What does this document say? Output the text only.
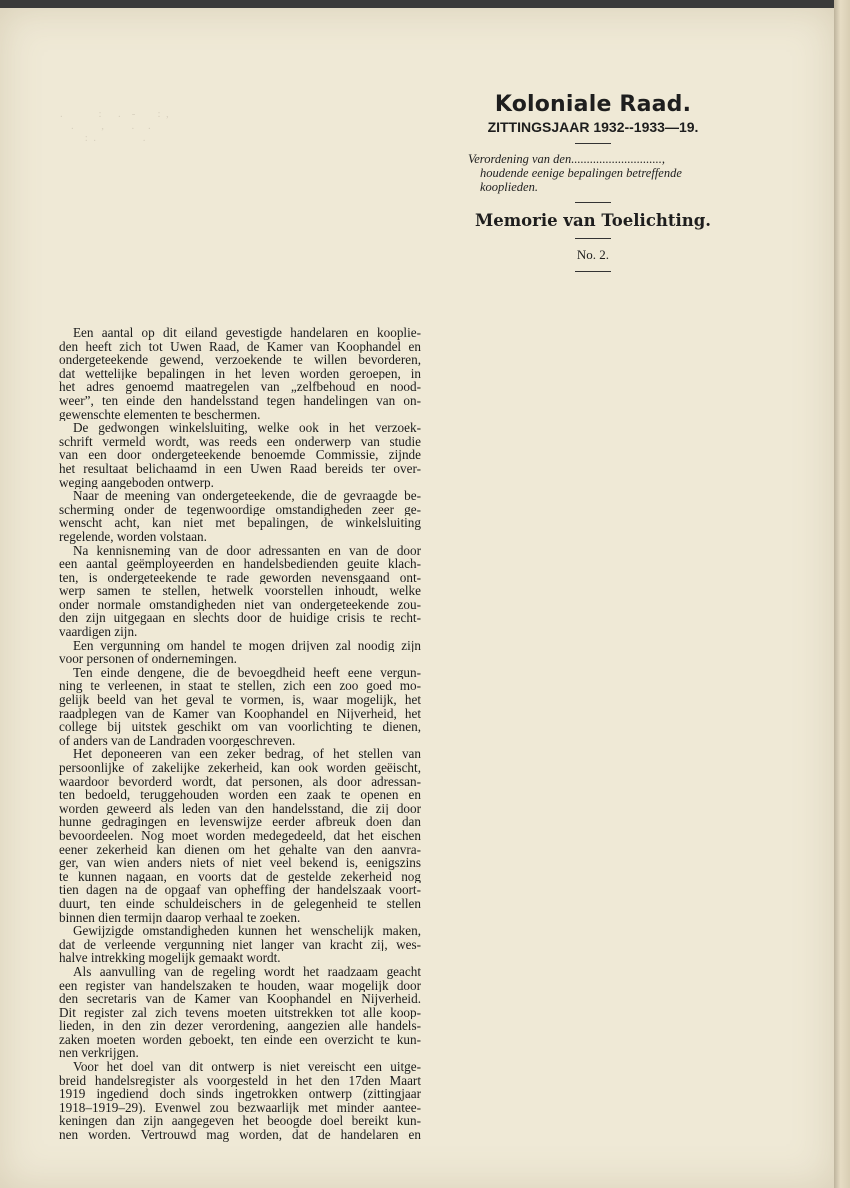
.             :      .    -        :  ,
.          ,          .     .
:  .                 .

Koloniale Raad.
ZITTINGSJAAR 1932--1933—19.
Verordening van den.............................,
houdende eenige bepalingen betreffende
kooplieden.
Memorie van Toelichting.
No. 2.
Een aantal op dit eiland gevestigde handelaren en kooplie-
den heeft zich tot Uwen Raad, de Kamer van Koophandel en
ondergeteekende gewend, verzoekende te willen bevorderen,
dat wettelijke bepalingen in het leven worden geroepen, in
het adres genoemd maatregelen van „zelfbehoud en nood-
weer”, ten einde den handelsstand tegen handelingen van on-
gewenschte elementen te beschermen.
De gedwongen winkelsluiting, welke ook in het verzoek-
schrift vermeld wordt, was reeds een onderwerp van studie
van een door ondergeteekende benoemde Commissie, zijnde
het resultaat belichaamd in een Uwen Raad bereids ter over-
weging aangeboden ontwerp.
Naar de meening van ondergeteekende, die de gevraagde be-
scherming onder de tegenwoordige omstandigheden zeer ge-
wenscht acht, kan niet met bepalingen, de winkelsluiting
regelende, worden volstaan.
Na kennisneming van de door adressanten en van de door
een aantal geëmployeerden en handelsbedienden geuite klach-
ten, is ondergeteekende te rade geworden nevensgaand ont-
werp samen te stellen, hetwelk voorstellen inhoudt, welke
onder normale omstandigheden niet van ondergeteekende zou-
den zijn uitgegaan en slechts door de huidige crisis te recht-
vaardigen zijn.
Een vergunning om handel te mogen drijven zal noodig zijn
voor personen of ondernemingen.
Ten einde dengene, die de bevoegdheid heeft eene vergun-
ning te verleenen, in staat te stellen, zich een zoo goed mo-
gelijk beeld van het geval te vormen, is, waar mogelijk, het
raadplegen van de Kamer van Koophandel en Nijverheid, het
college bij uitstek geschikt om van voorlichting te dienen,
of anders van de Landraden voorgeschreven.
Het deponeeren van een zeker bedrag, of het stellen van
persoonlijke of zakelijke zekerheid, kan ook worden geëischt,
waardoor bevorderd wordt, dat personen, als door adressan-
ten bedoeld, teruggehouden worden een zaak te openen en
worden geweerd als leden van den handelsstand, die zij door
hunne gedragingen en levenswijze eerder afbreuk doen dan
bevoordeelen. Nog moet worden medegedeeld, dat het eischen
eener zekerheid kan dienen om het gehalte van den aanvra-
ger, van wien anders niets of niet veel bekend is, eenigszins
te kunnen nagaan, en voorts dat de gestelde zekerheid nog
tien dagen na de opgaaf van opheffing der handelszaak voort-
duurt, ten einde schuldeischers in de gelegenheid te stellen
binnen dien termijn daarop verhaal te zoeken.
Gewijzigde omstandigheden kunnen het wenschelijk maken,
dat de verleende vergunning niet langer van kracht zij, wes-
halve intrekking mogelijk gemaakt wordt.
Als aanvulling van de regeling wordt het raadzaam geacht
een register van handelszaken te houden, waar mogelijk door
den secretaris van de Kamer van Koophandel en Nijverheid.
Dit register zal zich tevens moeten uitstrekken tot alle koop-
lieden, in den zin dezer verordening, aangezien alle handels-
zaken moeten worden geboekt, ten einde een overzicht te kun-
nen verkrijgen.
Voor het doel van dit ontwerp is niet vereischt een uitge-
breid handelsregister als voorgesteld in het den 17den Maart
1919 ingediend doch sinds ingetrokken ontwerp (zittingjaar
1918–1919–29). Evenwel zou bezwaarlijk met minder aantee-
keningen dan zijn aangegeven het beoogde doel bereikt kun-
nen worden. Vertrouwd mag worden, dat de handelaren en
